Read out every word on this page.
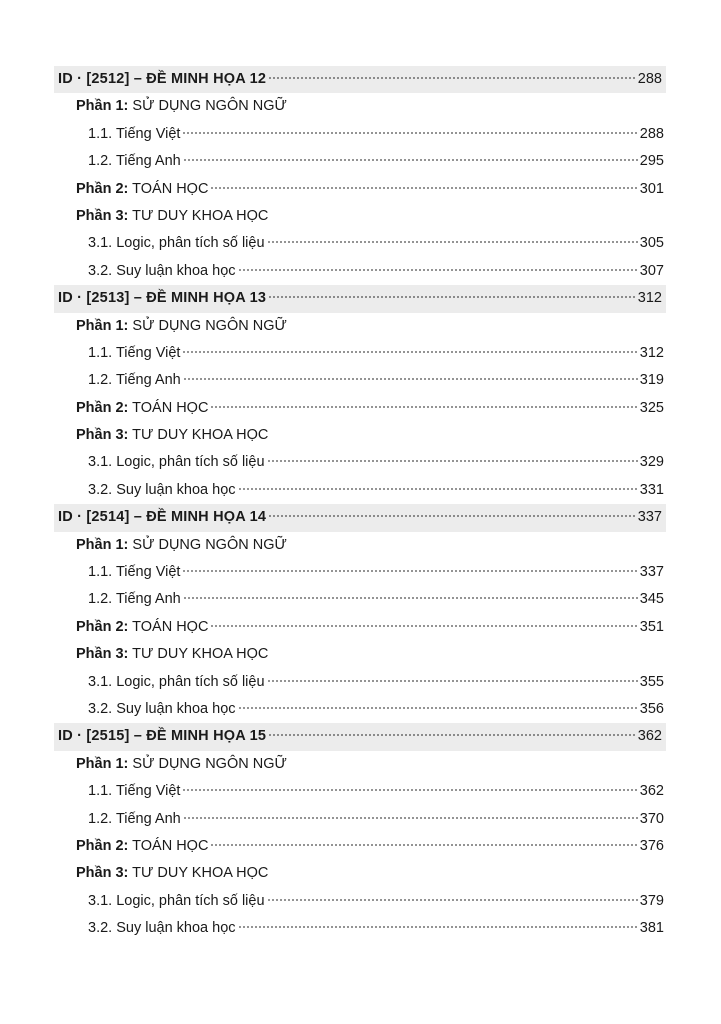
ID · [2512] – ĐỀ MINH HỌA 12	288
Phần 1: SỬ DỤNG NGÔN NGỮ
1.1. Tiếng Việt	288
1.2. Tiếng Anh	295
Phần 2: TOÁN HỌC	301
Phần 3: TƯ DUY KHOA HỌC
3.1. Logic, phân tích số liệu	305
3.2. Suy luận khoa học	307
ID · [2513] – ĐỀ MINH HỌA 13	312
Phần 1: SỬ DỤNG NGÔN NGỮ
1.1. Tiếng Việt	312
1.2. Tiếng Anh	319
Phần 2: TOÁN HỌC	325
Phần 3: TƯ DUY KHOA HỌC
3.1. Logic, phân tích số liệu	329
3.2. Suy luận khoa học	331
ID · [2514] – ĐỀ MINH HỌA 14	337
Phần 1: SỬ DỤNG NGÔN NGỮ
1.1. Tiếng Việt	337
1.2. Tiếng Anh	345
Phần 2: TOÁN HỌC	351
Phần 3: TƯ DUY KHOA HỌC
3.1. Logic, phân tích số liệu	355
3.2. Suy luận khoa học	356
ID · [2515] – ĐỀ MINH HỌA 15	362
Phần 1: SỬ DỤNG NGÔN NGỮ
1.1. Tiếng Việt	362
1.2. Tiếng Anh	370
Phần 2: TOÁN HỌC	376
Phần 3: TƯ DUY KHOA HỌC
3.1. Logic, phân tích số liệu	379
3.2. Suy luận khoa học	381
